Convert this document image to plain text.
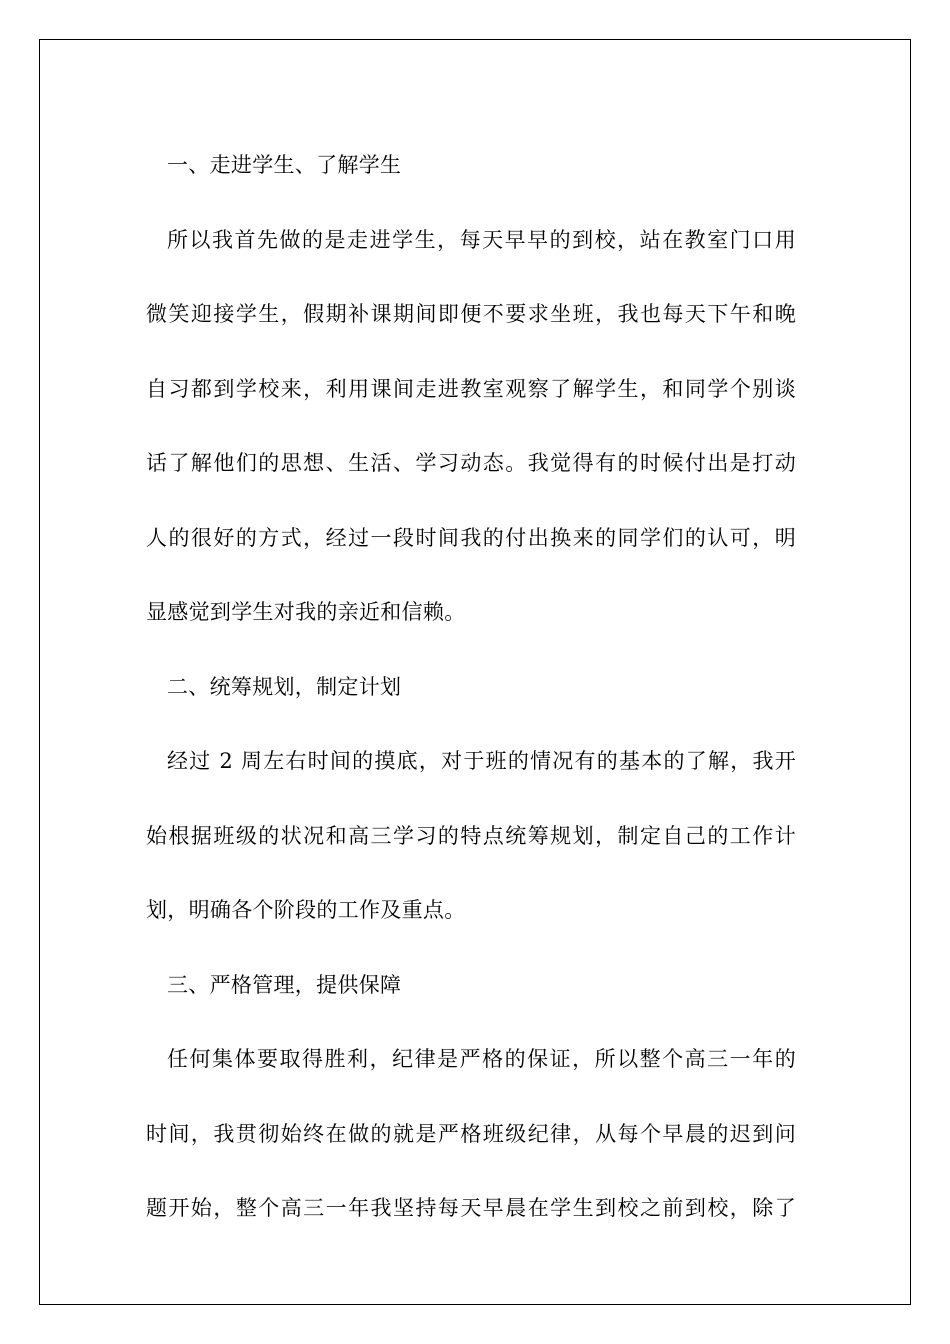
一、走进学生、了解学生
所以我首先做的是走进学生，每天早早的到校，站在教室门口用
微笑迎接学生，假期补课期间即便不要求坐班，我也每天下午和晚
自习都到学校来，利用课间走进教室观察了解学生，和同学个别谈
话了解他们的思想、生活、学习动态。我觉得有的时候付出是打动
人的很好的方式，经过一段时间我的付出换来的同学们的认可，明
显感觉到学生对我的亲近和信赖。
二、统筹规划，制定计划
经过 2 周左右时间的摸底，对于班的情况有的基本的了解，我开
始根据班级的状况和高三学习的特点统筹规划，制定自己的工作计
划，明确各个阶段的工作及重点。
三、严格管理，提供保障
任何集体要取得胜利，纪律是严格的保证，所以整个高三一年的
时间，我贯彻始终在做的就是严格班级纪律，从每个早晨的迟到问
题开始，整个高三一年我坚持每天早晨在学生到校之前到校，除了
